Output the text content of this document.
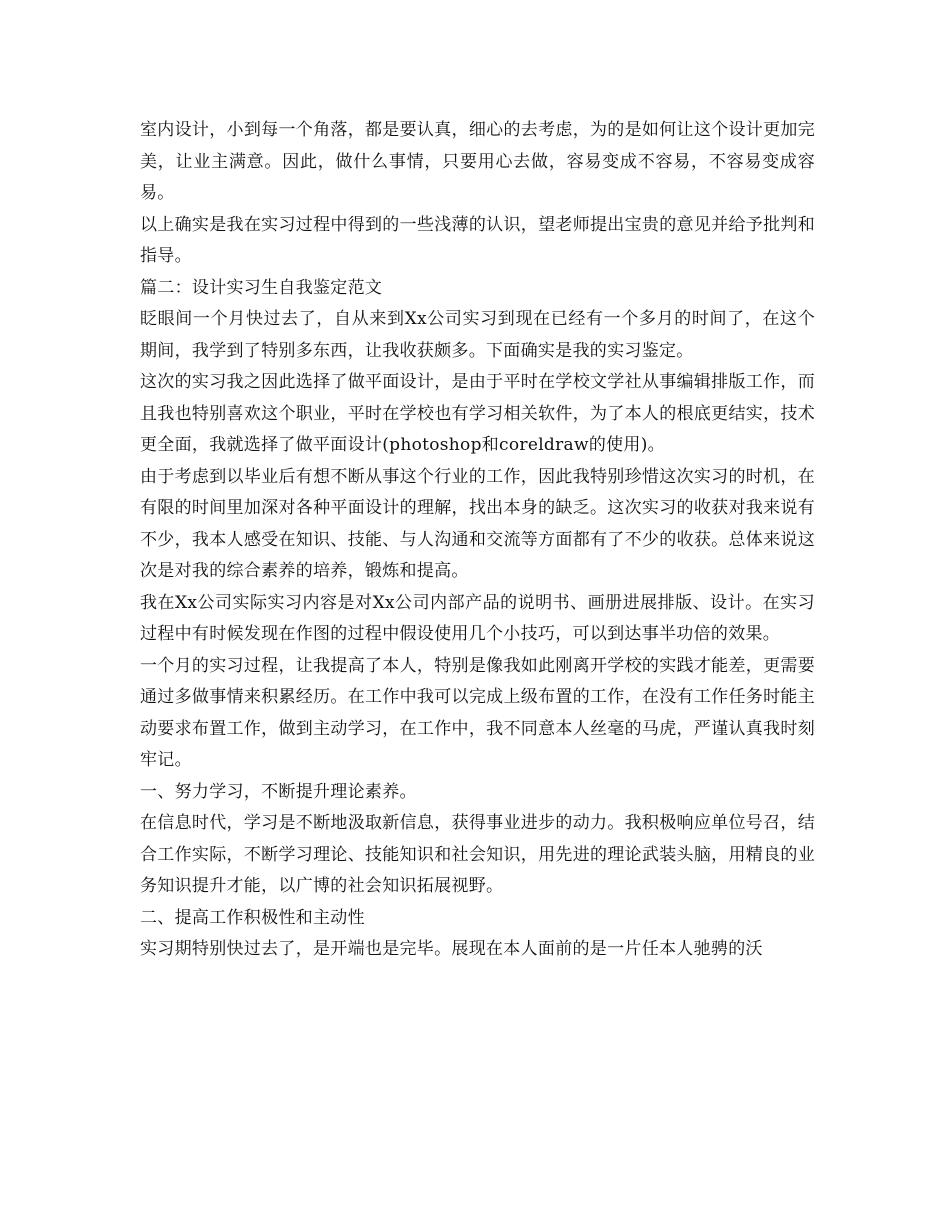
室内设计，小到每一个角落，都是要认真，细心的去考虑，为的是如何让这个设计更加完美，让业主满意。因此，做什么事情，只要用心去做，容易变成不容易，不容易变成容易。

以上确实是我在实习过程中得到的一些浅薄的认识，望老师提出宝贵的意见并给予批判和指导。

篇二：设计实习生自我鉴定范文

眨眼间一个月快过去了，自从来到Xx公司实习到现在已经有一个多月的时间了，在这个期间，我学到了特别多东西，让我收获颇多。下面确实是我的实习鉴定。

这次的实习我之因此选择了做平面设计，是由于平时在学校文学社从事编辑排版工作，而且我也特别喜欢这个职业，平时在学校也有学习相关软件，为了本人的根底更结实，技术更全面，我就选择了做平面设计(photoshop和coreldraw的使用)。

由于考虑到以毕业后有想不断从事这个行业的工作，因此我特别珍惜这次实习的时机，在有限的时间里加深对各种平面设计的理解，找出本身的缺乏。这次实习的收获对我来说有不少，我本人感受在知识、技能、与人沟通和交流等方面都有了不少的收获。总体来说这次是对我的综合素养的培养，锻炼和提高。

我在Xx公司实际实习内容是对Xx公司内部产品的说明书、画册进展排版、设计。在实习过程中有时候发现在作图的过程中假设使用几个小技巧，可以到达事半功倍的效果。

一个月的实习过程，让我提高了本人，特别是像我如此刚离开学校的实践才能差，更需要通过多做事情来积累经历。在工作中我可以完成上级布置的工作，在没有工作任务时能主动要求布置工作，做到主动学习，在工作中，我不同意本人丝毫的马虎，严谨认真我时刻牢记。

一、努力学习，不断提升理论素养。

在信息时代，学习是不断地汲取新信息，获得事业进步的动力。我积极响应单位号召，结合工作实际，不断学习理论、技能知识和社会知识，用先进的理论武装头脑，用精良的业务知识提升才能，以广博的社会知识拓展视野。

二、提高工作积极性和主动性

实习期特别快过去了，是开端也是完毕。展现在本人面前的是一片任本人驰骋的沃
